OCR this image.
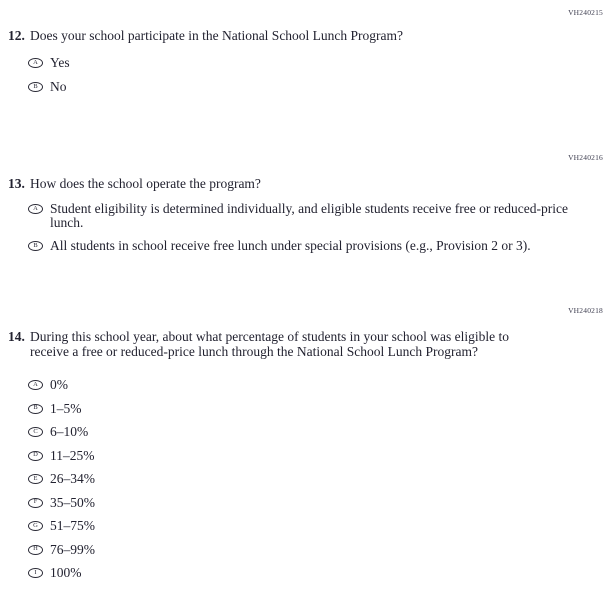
VH240215
12. Does your school participate in the National School Lunch Program?
A Yes
B No
VH240216
13. How does the school operate the program?
A Student eligibility is determined individually, and eligible students receive free or reduced-price lunch.
B All students in school receive free lunch under special provisions (e.g., Provision 2 or 3).
VH240218
14. During this school year, about what percentage of students in your school was eligible to receive a free or reduced-price lunch through the National School Lunch Program?
A 0%
B 1–5%
C 6–10%
D 11–25%
E 26–34%
F 35–50%
G 51–75%
H 76–99%
I 100%
